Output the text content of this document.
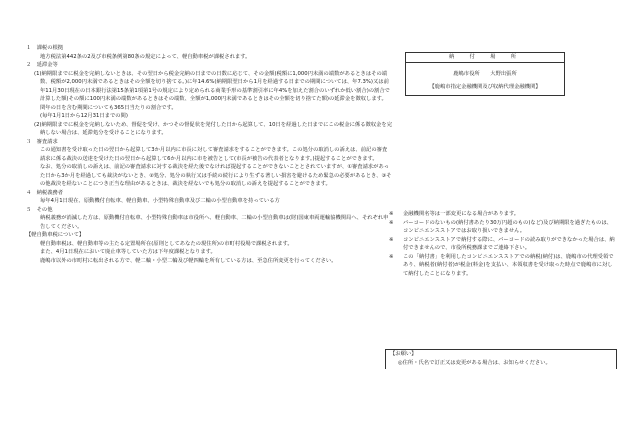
１　課税の根拠

地方税法第442条の2及び市税条例第80条の規定によって、軽自動車税が課税されます。

２　延滞金等

(1)納期限までに税金を完納しないときは、その翌日から税金完納の日までの日数に応じて、その金額(税額に1,000円未満の端数があるときはその端数、税額が2,000円未満であるときはその全額を切り捨てる。)に年14.6%(納期限翌日から1月を経過する日までの期間については、年7.3%)又は前年11月30日現在の日本銀行法第15条第1項第1号の規定により定められる商業手形の基準割引率に年4%を加えた割合のいずれか低い割合)の割合で計算した額(その額に100円未満の端数があるときはその端数、全額が1,000円未満であるときはその全額を切り捨てた額)の延滞金を徴収します。閏年の日を含む期間についても365日当たりの割合です。

(毎年1月1日から12月31日までの間)

(2)納期限までに税金を完納しないため、督促を受け、かつその督促状を発付した日から起算して、10日を経過した日までにこの税金に係る徴収金を完納しない場合は、延滞処分を受けることになります。

３　審査請求

この通知書を受け取った日の翌日から起算して3か月以内に市長に対して審査請求をすることができます。この処分の取消しの訴えは、前記の審査請求に係る裁決の送達を受けた日の翌日から起算して6か月以内に市を被告として(市長が被告の代表者となります。)提起することができます。

なお、処分の取消しの訴えは、前記の審査請求に対する裁決を経た後でなければ提起することができないこととされていますが、①審査請求があった日から3か月を経過しても裁決がないとき、②処分、処分の執行又は手続の続行により生ずる著しい損害を避けるため緊急の必要があるとき、③その他裁決を経ないことにつき正当な理由があるときは、裁決を経ないでも処分の取消しの訴えを提起することができます。

４　納税義務者

毎年4月1日現在、原動機付自転車、軽自動車、小型特殊自動車及び二輪の小型自動車を持っている方

５　その他

納税義務が消滅した方は、原動機付自転車、小型特殊自動車は市役所へ、軽自動車、二輪の小型自動車は(財)国東車両運輸協機関局へ、それぞれ申告してください。

【軽自動車税について】

軽自動車税は、軽自動車等の主たる定置場所在(原則としてあなたの現住所)の市町村役場で課税されます。

また、4月1日現在において廃止車等していた方は下年度課税となります。

鹿嶋市以外の市町村に転出される方で、軽二輪・小型二輪及び軽四輪を所有している方は、至急住所変更を行ってください。

納　付　場　所
鹿嶋市役所　　大野出張所
【鹿嶋市指定金融機関及び収納代理金融機関】
※	金融機関名等は一部変更になる場合があります。
※	バーコードのないもの(納付書あたり30万円超のもの)など)及び納期限を過ぎたものは、コンビニエンスストアではお取り扱いできません。
※	コンビニエンスストアで納付する際に、バーコードの読み取りができなかった場合は、納付できませんので、市役所税務課までご連絡下さい。
※	この「納付書」を利用したコンビニエンスストアでの納税(納付)は、鹿嶋市の代理受領であり、納税者(納付者)が税金(料金)を支払い、本領収書を受け取った時点で鹿嶋市に対して納付したことになります。
【お願い】
◎住所・氏名で訂正又は変更がある場合は、お知らせください。
